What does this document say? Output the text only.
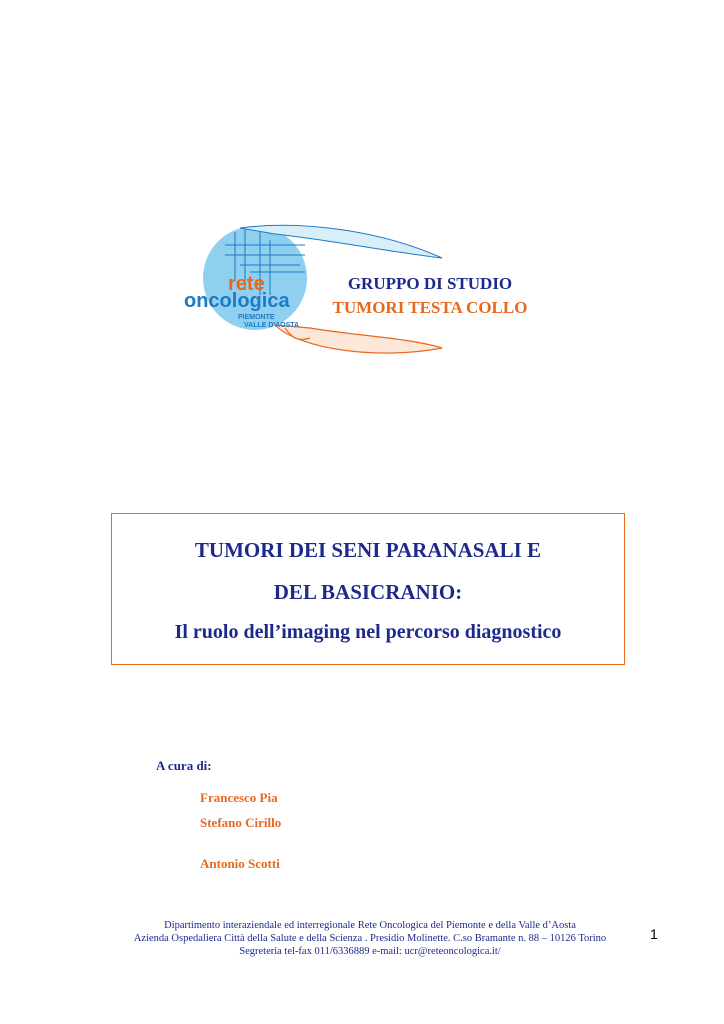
rete
oncologica
PIEMONTE
VALLE D'AOSTA
GRUPPO DI STUDIO
TUMORI TESTA COLLO
TUMORI DEI SENI PARANASALI E
DEL BASICRANIO:
Il ruolo dell’imaging nel percorso diagnostico
A cura di:
Francesco Pia
Stefano Cirillo
Antonio Scotti
Dipartimento interaziendale ed interregionale Rete Oncologica del Piemonte e della Valle d’Aosta
Azienda Ospedaliera Città della Salute e della Scienza . Presidio Molinette. C.so Bramante n. 88 – 10126 Torino
Segreteria tel-fax 011/6336889 e-mail: ucr@reteoncologica.it/
1
